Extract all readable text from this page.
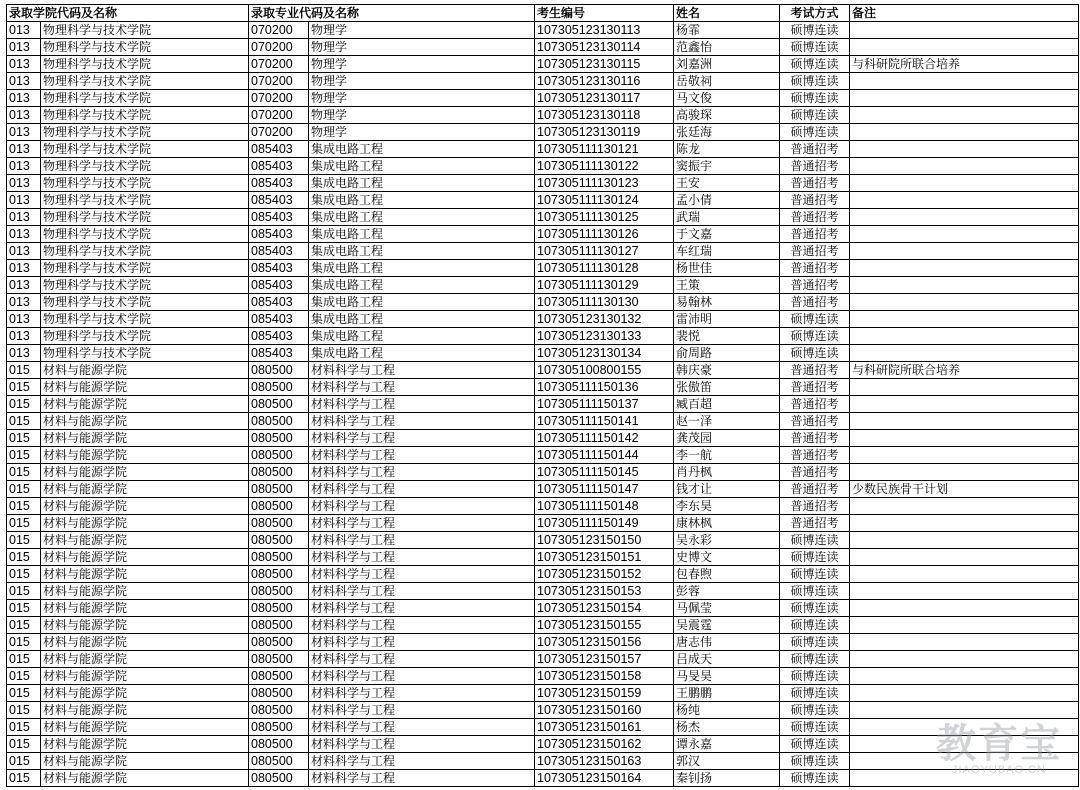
录取学院代码及名称		录取专业代码及名称		考生编号	姓名	考试方式	备注
013	物理科学与技术学院	070200	物理学	107305123130113	杨霏	硕博连读	
013	物理科学与技术学院	070200	物理学	107305123130114	范鑫怡	硕博连读	
013	物理科学与技术学院	070200	物理学	107305123130115	刘嘉洲	硕博连读	与科研院所联合培养
013	物理科学与技术学院	070200	物理学	107305123130116	岳敬祠	硕博连读	
013	物理科学与技术学院	070200	物理学	107305123130117	马文俊	硕博连读	
013	物理科学与技术学院	070200	物理学	107305123130118	高骏琛	硕博连读	
013	物理科学与技术学院	070200	物理学	107305123130119	张廷海	硕博连读	
013	物理科学与技术学院	085403	集成电路工程	107305111130121	陈龙	普通招考	
013	物理科学与技术学院	085403	集成电路工程	107305111130122	窦振宇	普通招考	
013	物理科学与技术学院	085403	集成电路工程	107305111130123	王安	普通招考	
013	物理科学与技术学院	085403	集成电路工程	107305111130124	孟小倩	普通招考	
013	物理科学与技术学院	085403	集成电路工程	107305111130125	武瑞	普通招考	
013	物理科学与技术学院	085403	集成电路工程	107305111130126	于文嘉	普通招考	
013	物理科学与技术学院	085403	集成电路工程	107305111130127	车红瑞	普通招考	
013	物理科学与技术学院	085403	集成电路工程	107305111130128	杨世佳	普通招考	
013	物理科学与技术学院	085403	集成电路工程	107305111130129	王策	普通招考	
013	物理科学与技术学院	085403	集成电路工程	107305111130130	易翰林	普通招考	
013	物理科学与技术学院	085403	集成电路工程	107305123130132	雷沛明	硕博连读	
013	物理科学与技术学院	085403	集成电路工程	107305123130133	裴悦	硕博连读	
013	物理科学与技术学院	085403	集成电路工程	107305123130134	俞周路	硕博连读	
015	材料与能源学院	080500	材料科学与工程	107305100800155	韩庆豪	普通招考	与科研院所联合培养
015	材料与能源学院	080500	材料科学与工程	107305111150136	张傲笛	普通招考	
015	材料与能源学院	080500	材料科学与工程	107305111150137	臧百超	普通招考	
015	材料与能源学院	080500	材料科学与工程	107305111150141	赵一泽	普通招考	
015	材料与能源学院	080500	材料科学与工程	107305111150142	龚茂园	普通招考	
015	材料与能源学院	080500	材料科学与工程	107305111150144	李一航	普通招考	
015	材料与能源学院	080500	材料科学与工程	107305111150145	肖丹枫	普通招考	
015	材料与能源学院	080500	材料科学与工程	107305111150147	钱才让	普通招考	少数民族骨干计划
015	材料与能源学院	080500	材料科学与工程	107305111150148	李东昊	普通招考	
015	材料与能源学院	080500	材料科学与工程	107305111150149	康林枫	普通招考	
015	材料与能源学院	080500	材料科学与工程	107305123150150	吴永彩	硕博连读	
015	材料与能源学院	080500	材料科学与工程	107305123150151	史博文	硕博连读	
015	材料与能源学院	080500	材料科学与工程	107305123150152	包春煦	硕博连读	
015	材料与能源学院	080500	材料科学与工程	107305123150153	彭蓉	硕博连读	
015	材料与能源学院	080500	材料科学与工程	107305123150154	马佩莹	硕博连读	
015	材料与能源学院	080500	材料科学与工程	107305123150155	吴震霆	硕博连读	
015	材料与能源学院	080500	材料科学与工程	107305123150156	唐志伟	硕博连读	
015	材料与能源学院	080500	材料科学与工程	107305123150157	吕成天	硕博连读	
015	材料与能源学院	080500	材料科学与工程	107305123150158	马旻昊	硕博连读	
015	材料与能源学院	080500	材料科学与工程	107305123150159	王鹏鹏	硕博连读	
015	材料与能源学院	080500	材料科学与工程	107305123150160	杨纯	硕博连读	
015	材料与能源学院	080500	材料科学与工程	107305123150161	杨杰	硕博连读	
015	材料与能源学院	080500	材料科学与工程	107305123150162	谭永嘉	硕博连读	
015	材料与能源学院	080500	材料科学与工程	107305123150163	郭汉	硕博连读	
015	材料与能源学院	080500	材料科学与工程	107305123150164	秦钊扬	硕博连读	
教育宝
JIAOYUBAO.CN
